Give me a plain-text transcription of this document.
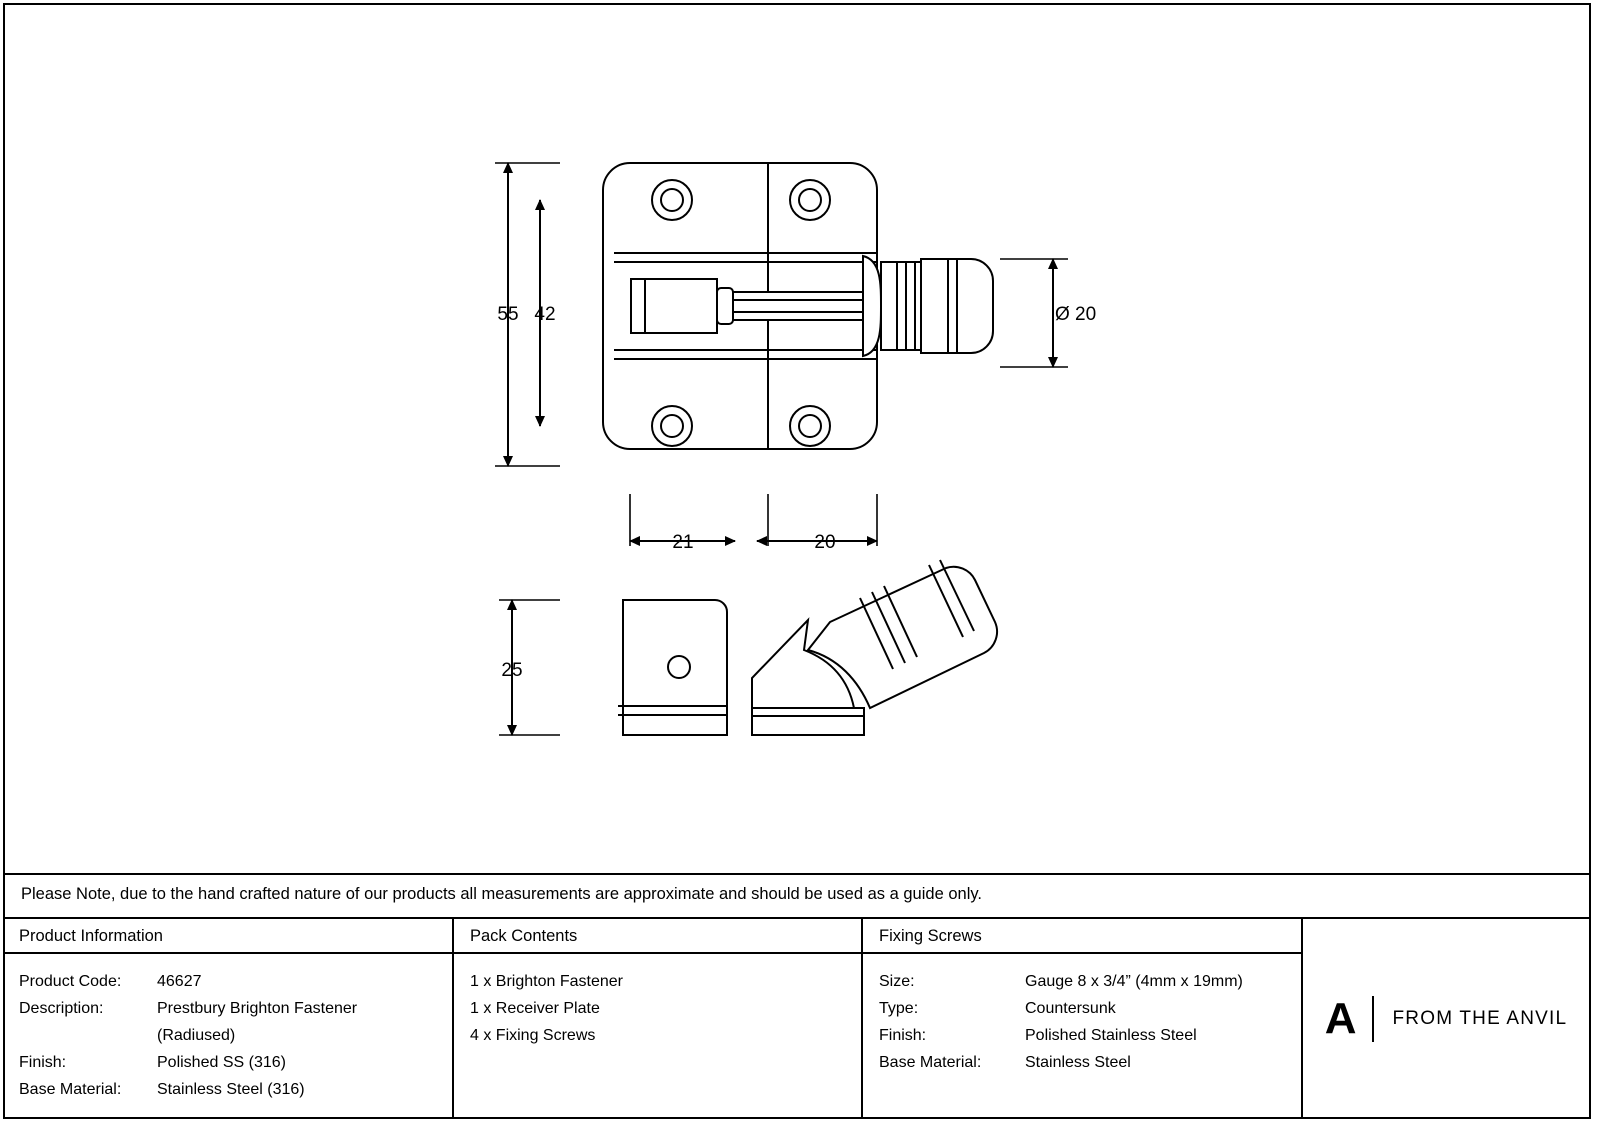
55 42	Ø 20
21	20
25
Please Note, due to the hand crafted nature of our products all measurements are approximate and should be used as a guide only.
Product Information
Product Code:	46627
Description:	Prestbury Brighton Fastener
(Radiused)
Finish:	Polished SS (316)
Base Material:	Stainless Steel (316)
Pack Contents
1 x Brighton Fastener
1 x Receiver Plate
4 x Fixing Screws
Fixing Screws
Size:	Gauge 8 x 3/4” (4mm x 19mm)
Type:	Countersunk
Finish:	Polished Stainless Steel
Base Material:	Stainless Steel
A FROM THE ANVIL
